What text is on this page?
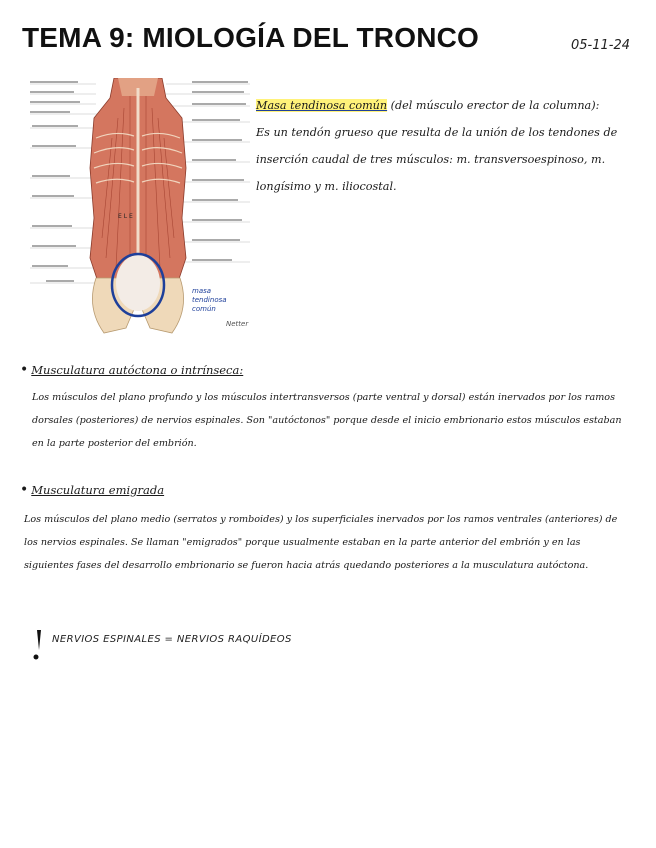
TEMA 9: MIOLOGÍA DEL TRONCO	05-11-24
E L E
masa tendinosa común
Netter
Masa tendinosa común (del músculo erector de la columna):
Es un tendón grueso que resulta de la unión de los tendones de inserción caudal de tres músculos: m. transversoespinoso, m. longísimo y m. iliocostal.
• Musculatura autóctona o intrínseca:
Los músculos del plano profundo y los músculos intertransversos (parte ventral y dorsal) están inervados por los ramos dorsales (posteriores) de nervios espinales. Son "autóctonos" porque desde el inicio embrionario estos músculos estaban en la parte posterior del embrión.
• Musculatura emigrada
Los músculos del plano medio (serratos y romboides) y los superficiales inervados por los ramos ventrales (anteriores) de los nervios espinales. Se llaman "emigrados" porque usualmente estaban en la parte anterior del embrión y en las siguientes fases del desarrollo embrionario se fueron hacia atrás quedando posteriores a la musculatura autóctona.
NERVIOS ESPINALES = NERVIOS RAQUÍDEOS
